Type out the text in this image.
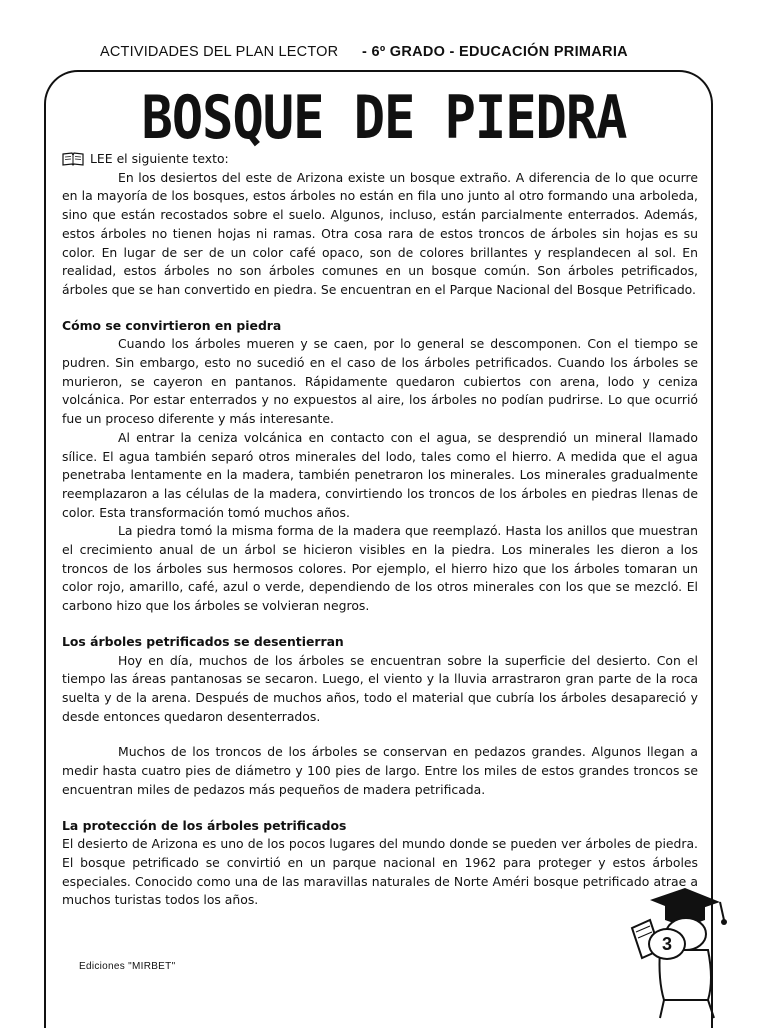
ACTIVIDADES DEL PLAN LECTOR - 6º GRADO - EDUCACIÓN PRIMARIA
BOSQUE DE PIEDRA

LEE el siguiente texto:

En los desiertos del este de Arizona existe un bosque extraño. A diferencia de lo que ocurre en la mayoría de los bosques, estos árboles no están en fila uno junto al otro formando una arboleda, sino que están recostados sobre el suelo. Algunos, incluso, están parcialmente enterrados. Además, estos árboles no tienen hojas ni ramas. Otra cosa rara de estos troncos de árboles sin hojas es su color. En lugar de ser de un color café opaco, son de colores brillantes y resplandecen al sol. En realidad, estos árboles no son árboles comunes en un bosque común. Son árboles petrificados, árboles que se han convertido en piedra. Se encuentran en el Parque Nacional del Bosque Petrificado.

Cómo se convirtieron en piedra

Cuando los árboles mueren y se caen, por lo general se descomponen. Con el tiempo se pudren. Sin embargo, esto no sucedió en el caso de los árboles petrificados. Cuando los árboles se murieron, se cayeron en pantanos. Rápidamente quedaron cubiertos con arena, lodo y ceniza volcánica. Por estar enterrados y no expuestos al aire, los árboles no podían pudrirse. Lo que ocurrió fue un proceso diferente y más interesante.

Al entrar la ceniza volcánica en contacto con el agua, se desprendió un mineral llamado sílice. El agua también separó otros minerales del lodo, tales como el hierro. A medida que el agua penetraba lentamente en la madera, también penetraron los minerales. Los minerales gradualmente reemplazaron a las células de la madera, convirtiendo los troncos de los árboles en piedras llenas de color. Esta transformación tomó muchos años.

La piedra tomó la misma forma de la madera que reemplazó. Hasta los anillos que muestran el crecimiento anual de un árbol se hicieron visibles en la piedra. Los minerales les dieron a los troncos de los árboles sus hermosos colores. Por ejemplo, el hierro hizo que los árboles tomaran un color rojo, amarillo, café, azul o verde, dependiendo de los otros minerales con los que se mezcló. El carbono hizo que los árboles se volvieran negros.

Los árboles petrificados se desentierran

Hoy en día, muchos de los árboles se encuentran sobre la superficie del desierto. Con el tiempo las áreas pantanosas se secaron. Luego, el viento y la lluvia arrastraron gran parte de la roca suelta y de la arena. Después de muchos años, todo el material que cubría los árboles desapareció y desde entonces quedaron desenterrados.

Muchos de los troncos de los árboles se conservan en pedazos grandes. Algunos llegan a medir hasta cuatro pies de diámetro y 100 pies de largo. Entre los miles de estos grandes troncos se encuentran miles de pedazos más pequeños de madera petrificada.

La protección de los árboles petrificados

El desierto de Arizona es uno de los pocos lugares del mundo donde se pueden ver árboles de piedra. El bosque petrificado se convirtió en un parque nacional en 1962 para proteger y estos árboles especiales. Conocido como una de las maravillas naturales de Norte Améri bosque petrificado atrae a muchos turistas todos los años.

Ediciones "MIRBET"
3
